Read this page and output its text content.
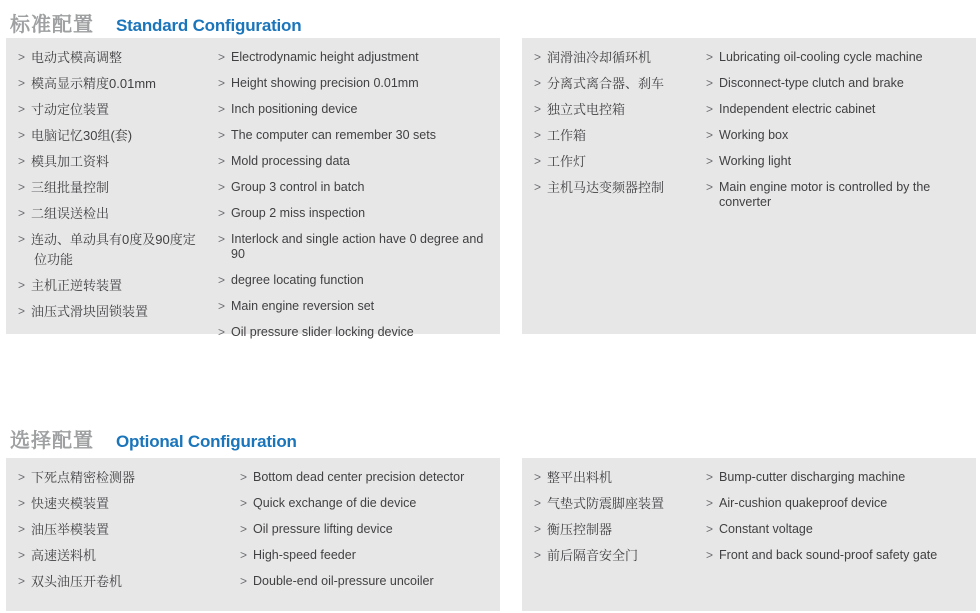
标准配置 Standard Configuration
> 电动式模高调整
> 模高显示精度0.01mm
> 寸动定位装置
> 电脑记忆30组(套)
> 模具加工资料
> 三组批量控制
> 二组误送检出
> 连动、单动具有0度及90度定
位功能
> 主机正逆转装置
> 油压式滑块固锁装置
> Electrodynamic height adjustment
> Height showing precision 0.01mm
> Inch positioning device
> The computer can remember 30 sets
> Mold processing data
> Group 3 control in batch
> Group 2 miss inspection
> Interlock and single action have 0 degree and 90
> degree locating function
> Main engine reversion set
> Oil pressure slider locking device
> 润滑油冷却循环机
> 分离式离合器、刹车
> 独立式电控箱
> 工作箱
> 工作灯
> 主机马达变频器控制
> Lubricating oil-cooling cycle machine
> Disconnect-type clutch and brake
> Independent electric cabinet
> Working box
> Working light
> Main engine motor is controlled by the converter
选择配置 Optional Configuration
> 下死点精密检测器
> 快速夹模装置
> 油压举模装置
> 高速送料机
> 双头油压开卷机
> Bottom dead center precision detector
> Quick exchange of die device
> Oil pressure lifting device
> High-speed feeder
> Double-end oil-pressure uncoiler
> 整平出料机
> 气垫式防震脚座装置
> 衡压控制器
> 前后隔音安全门
> Bump-cutter discharging machine
> Air-cushion quakeproof device
> Constant voltage
> Front and back sound-proof safety gate
